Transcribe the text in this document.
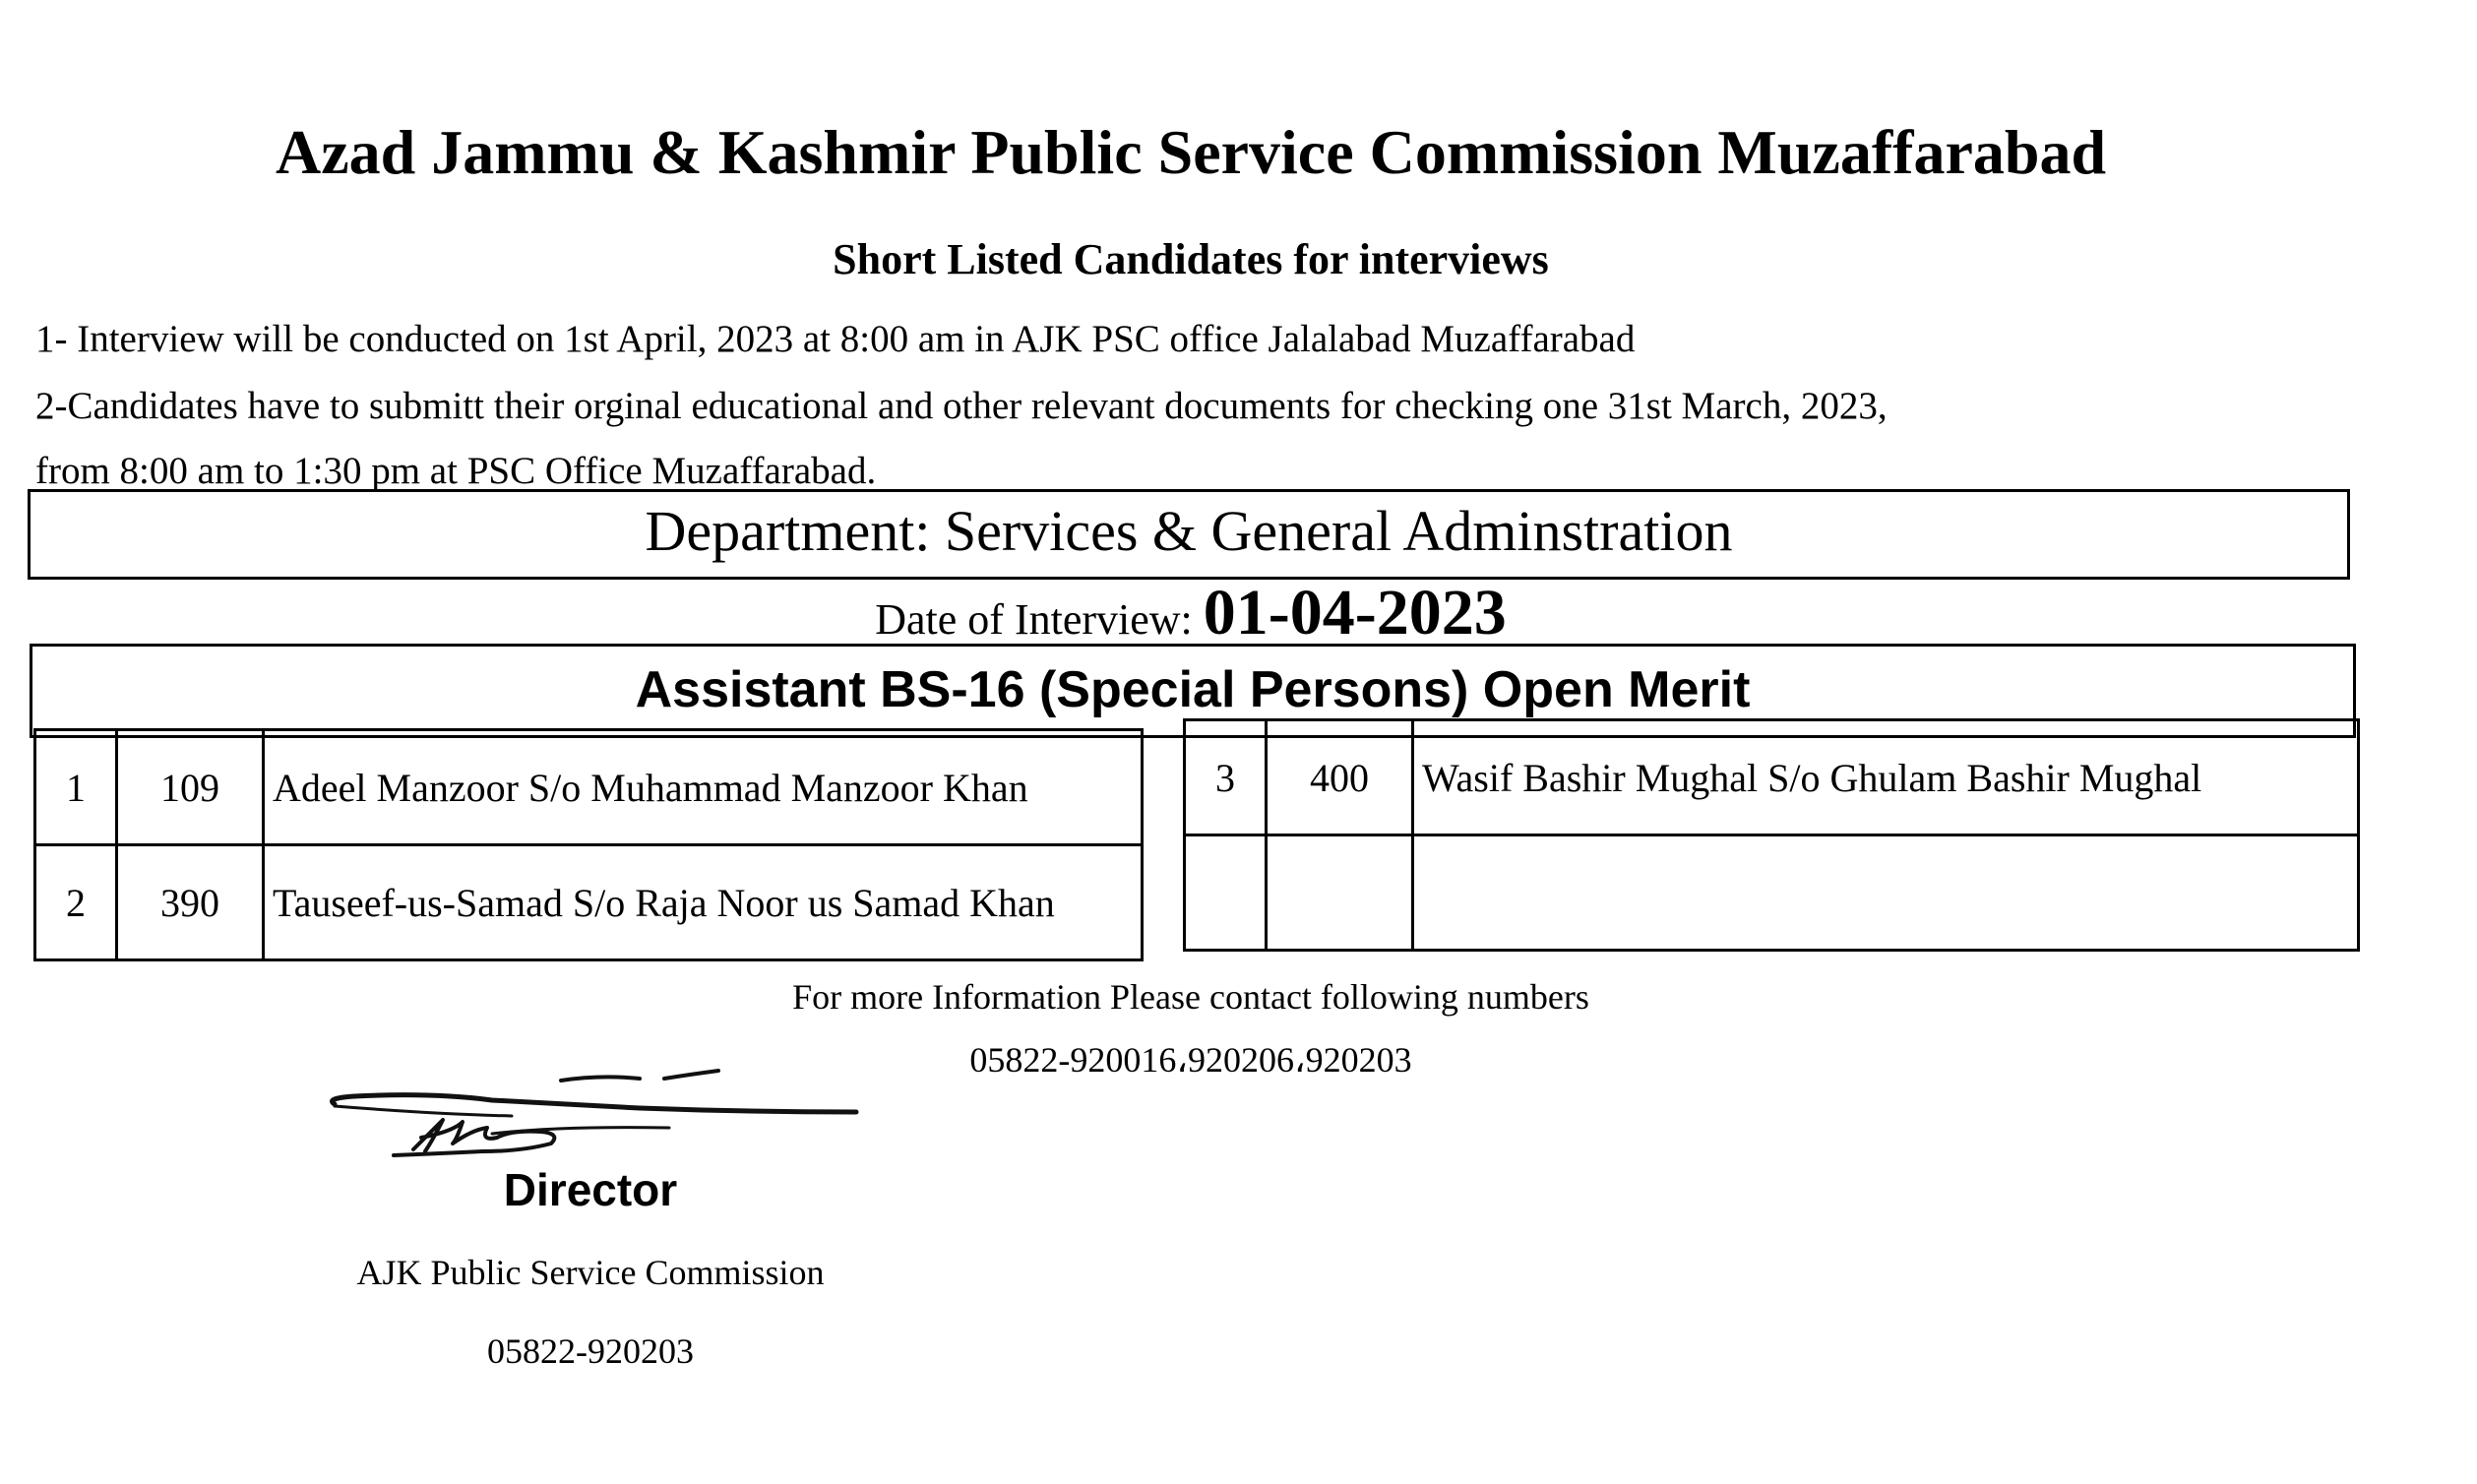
Azad Jammu & Kashmir Public Service Commission Muzaffarabad
Short Listed Candidates for interviews
1- Interview will be conducted on 1st April, 2023 at 8:00 am in AJK PSC office Jalalabad Muzaffarabad
2-Candidates have to submitt their orginal educational and other relevant documents for checking one 31st March, 2023,
from 8:00 am to 1:30 pm at PSC Office Muzaffarabad.
Department: Services & General Adminstration
Date of Interview: 01-04-2023
Assistant BS-16 (Special Persons) Open Merit
1	109	Adeel Manzoor S/o Muhammad Manzoor Khan
2	390	Tauseef-us-Samad S/o Raja Noor us Samad Khan
3	400	Wasif Bashir Mughal S/o Ghulam Bashir Mughal

For more Information Please contact following numbers
05822-920016،920206،920203
Director
AJK Public Service Commission
05822-920203
